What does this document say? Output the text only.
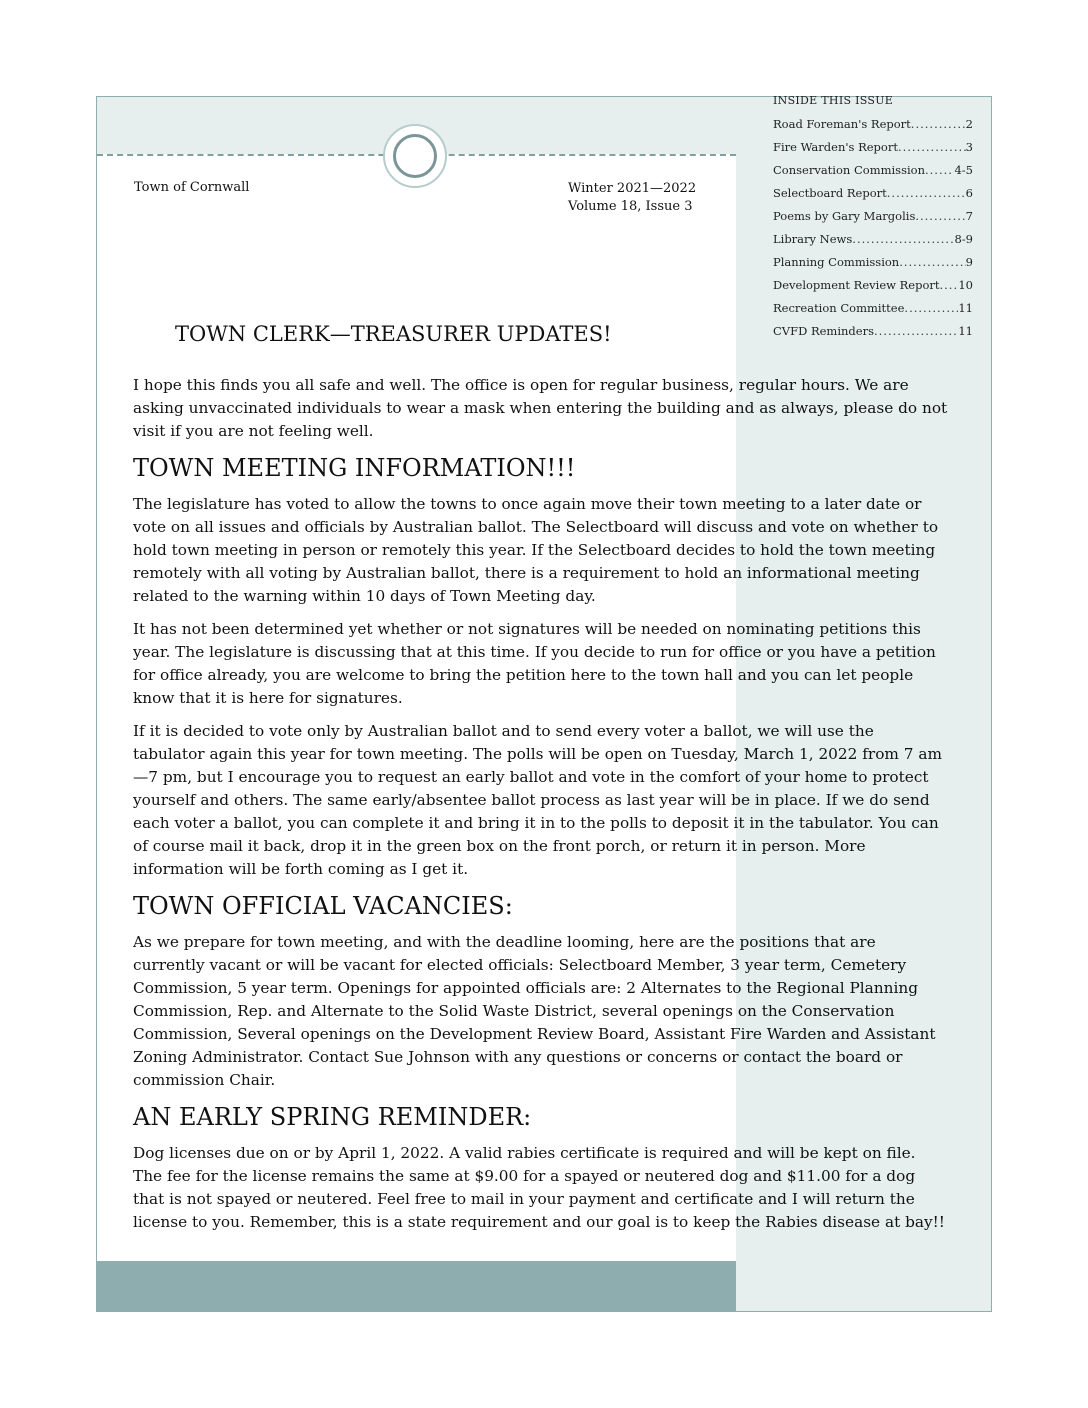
Town of Cornwall	Winter 2021—2022
Volume 18, Issue 3
INSIDE THIS ISSUE
Road Foreman's Report .....	2
Fire Warden's Report .....	3
Conservation Commission .....	4-5
Selectboard Report .....	6
Poems by Gary Margolis .....	7
Library News .....	8-9
Planning Commission .....	9
Development Review Report ..... 10
Recreation Committee .....	11
CVFD Reminders .....	11
TOWN CLERK—TREASURER UPDATES!

I hope this finds you all safe and well. The office is open for regular business, regular hours. We are asking unvaccinated individuals to wear a mask when entering the building and as always, please do not visit if you are not feeling well.

TOWN MEETING INFORMATION!!!

The legislature has voted to allow the towns to once again move their town meeting to a later date or vote on all issues and officials by Australian ballot. The Selectboard will discuss and vote on whether to hold town meeting in person or remotely this year. If the Selectboard decides to hold the town meeting remotely with all voting by Australian ballot, there is a requirement to hold an informational meeting related to the warning within 10 days of Town Meeting day.

It has not been determined yet whether or not signatures will be needed on nominating petitions this year. The legislature is discussing that at this time. If you decide to run for office or you have a petition for office already, you are welcome to bring the petition here to the town hall and you can let people know that it is here for signatures.

If it is decided to vote only by Australian ballot and to send every voter a ballot, we will use the tabulator again this year for town meeting. The polls will be open on Tuesday, March 1, 2022 from 7 am—7 pm, but I encourage you to request an early ballot and vote in the comfort of your home to protect yourself and others. The same early/absentee ballot process as last year will be in place. If we do send each voter a ballot, you can complete it and bring it in to the polls to deposit it in the tabulator. You can of course mail it back, drop it in the green box on the front porch, or return it in person. More information will be forth coming as I get it.

TOWN OFFICIAL VACANCIES:

As we prepare for town meeting, and with the deadline looming, here are the positions that are currently vacant or will be vacant for elected officials: Selectboard Member, 3 year term, Cemetery Commission, 5 year term. Openings for appointed officials are: 2 Alternates to the Regional Planning Commission, Rep. and Alternate to the Solid Waste District, several openings on the Conservation Commission, Several openings on the Development Review Board, Assistant Fire Warden and Assistant Zoning Administrator. Contact Sue Johnson with any questions or concerns or contact the board or commission Chair.

AN EARLY SPRING REMINDER:

Dog licenses due on or by April 1, 2022. A valid rabies certificate is required and will be kept on file. The fee for the license remains the same at $9.00 for a spayed or neutered dog and $11.00 for a dog that is not spayed or neutered. Feel free to mail in your payment and certificate and I will return the license to you. Remember, this is a state requirement and our goal is to keep the Rabies disease at bay!!
